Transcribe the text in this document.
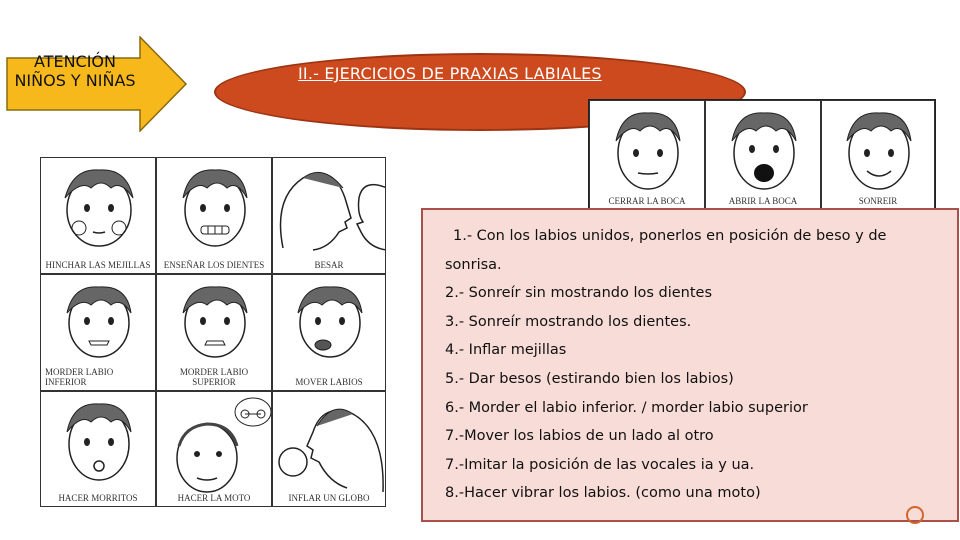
ATENCIÓN NIÑOS Y NIÑAS	II.- EJERCICIOS DE PRAXIAS LABIALES
CERRAR LA BOCA	ABRIR LA BOCA	SONREIR
HINCHAR LAS MEJILLAS	ENSEÑAR LOS DIENTES	BESAR
MORDER LABIO INFERIOR
MORDER LABIO SUPERIOR	MOVER LABIOS
HACER MORRITOS	HACER LA MOTO	INFLAR UN GLOBO

1.- Con los labios unidos, ponerlos en posición de beso y de

sonrisa.

2.- Sonreír sin mostrando los dientes

3.- Sonreír mostrando los dientes.

4.- Inflar mejillas

5.- Dar besos (estirando bien los labios)

6.- Morder el labio inferior. / morder labio superior

7.-Mover los labios de un lado al otro

7.-Imitar la posición de las vocales ia y ua.

8.-Hacer vibrar los labios. (como una moto)
